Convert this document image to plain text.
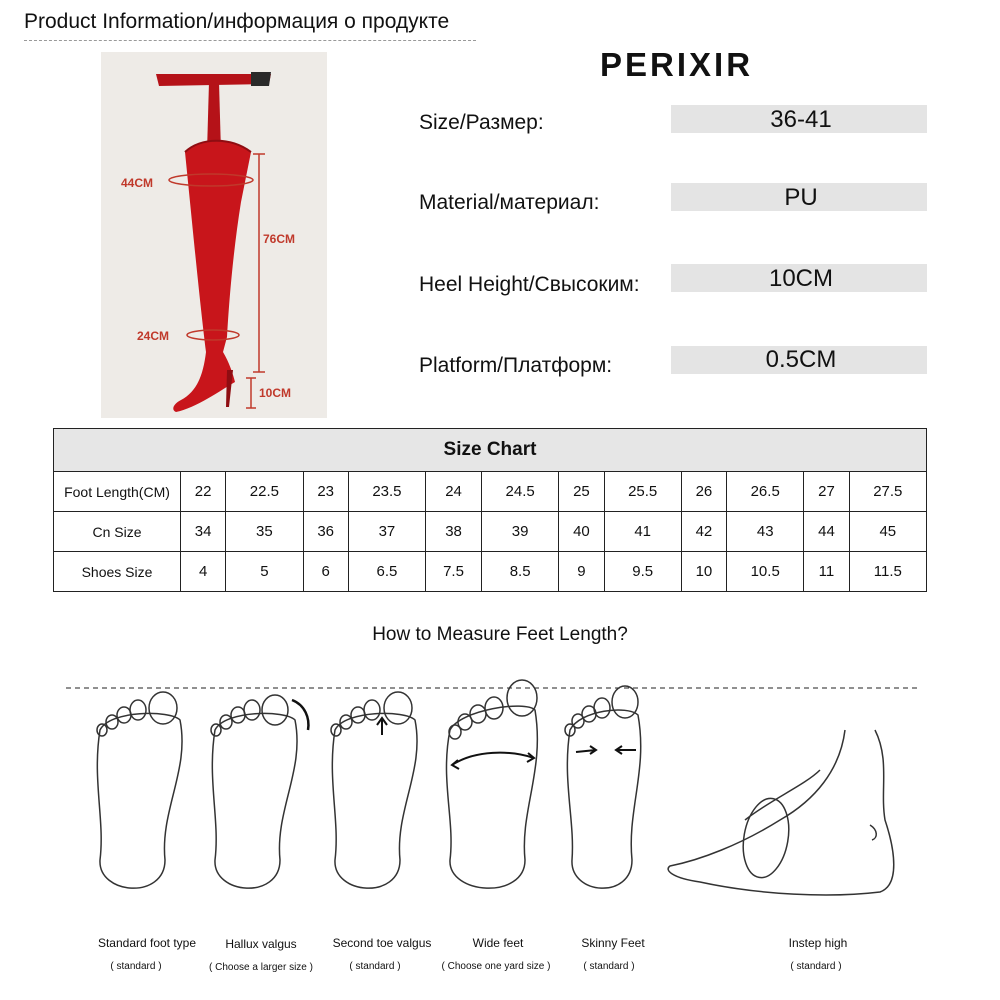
Product Information/информация о продукте
44CM
76CM
24CM
10CM
PERIXIR
Size/Размер:	36-41
Material/материал:	PU
Heel Height/Свысоким:	10CM
Platform/Платформ:	0.5CM
Size Chart												
Foot Length(CM)	22	22.5	23	23.5	24	24.5	25	25.5	26	26.5	27	27.5
Cn Size	34	35	36	37	38	39	40	41	42	43	44	45
Shoes Size	4	5	6	6.5	7.5	8.5	9	9.5	10	10.5	11	11.5
How to Measure Feet Length?
Standard foot type
( standard )
Hallux valgus
( Choose a larger size )
Second toe valgus
( standard )
Wide feet
( Choose one yard size )
Skinny Feet
( standard )
Instep high
( standard )
